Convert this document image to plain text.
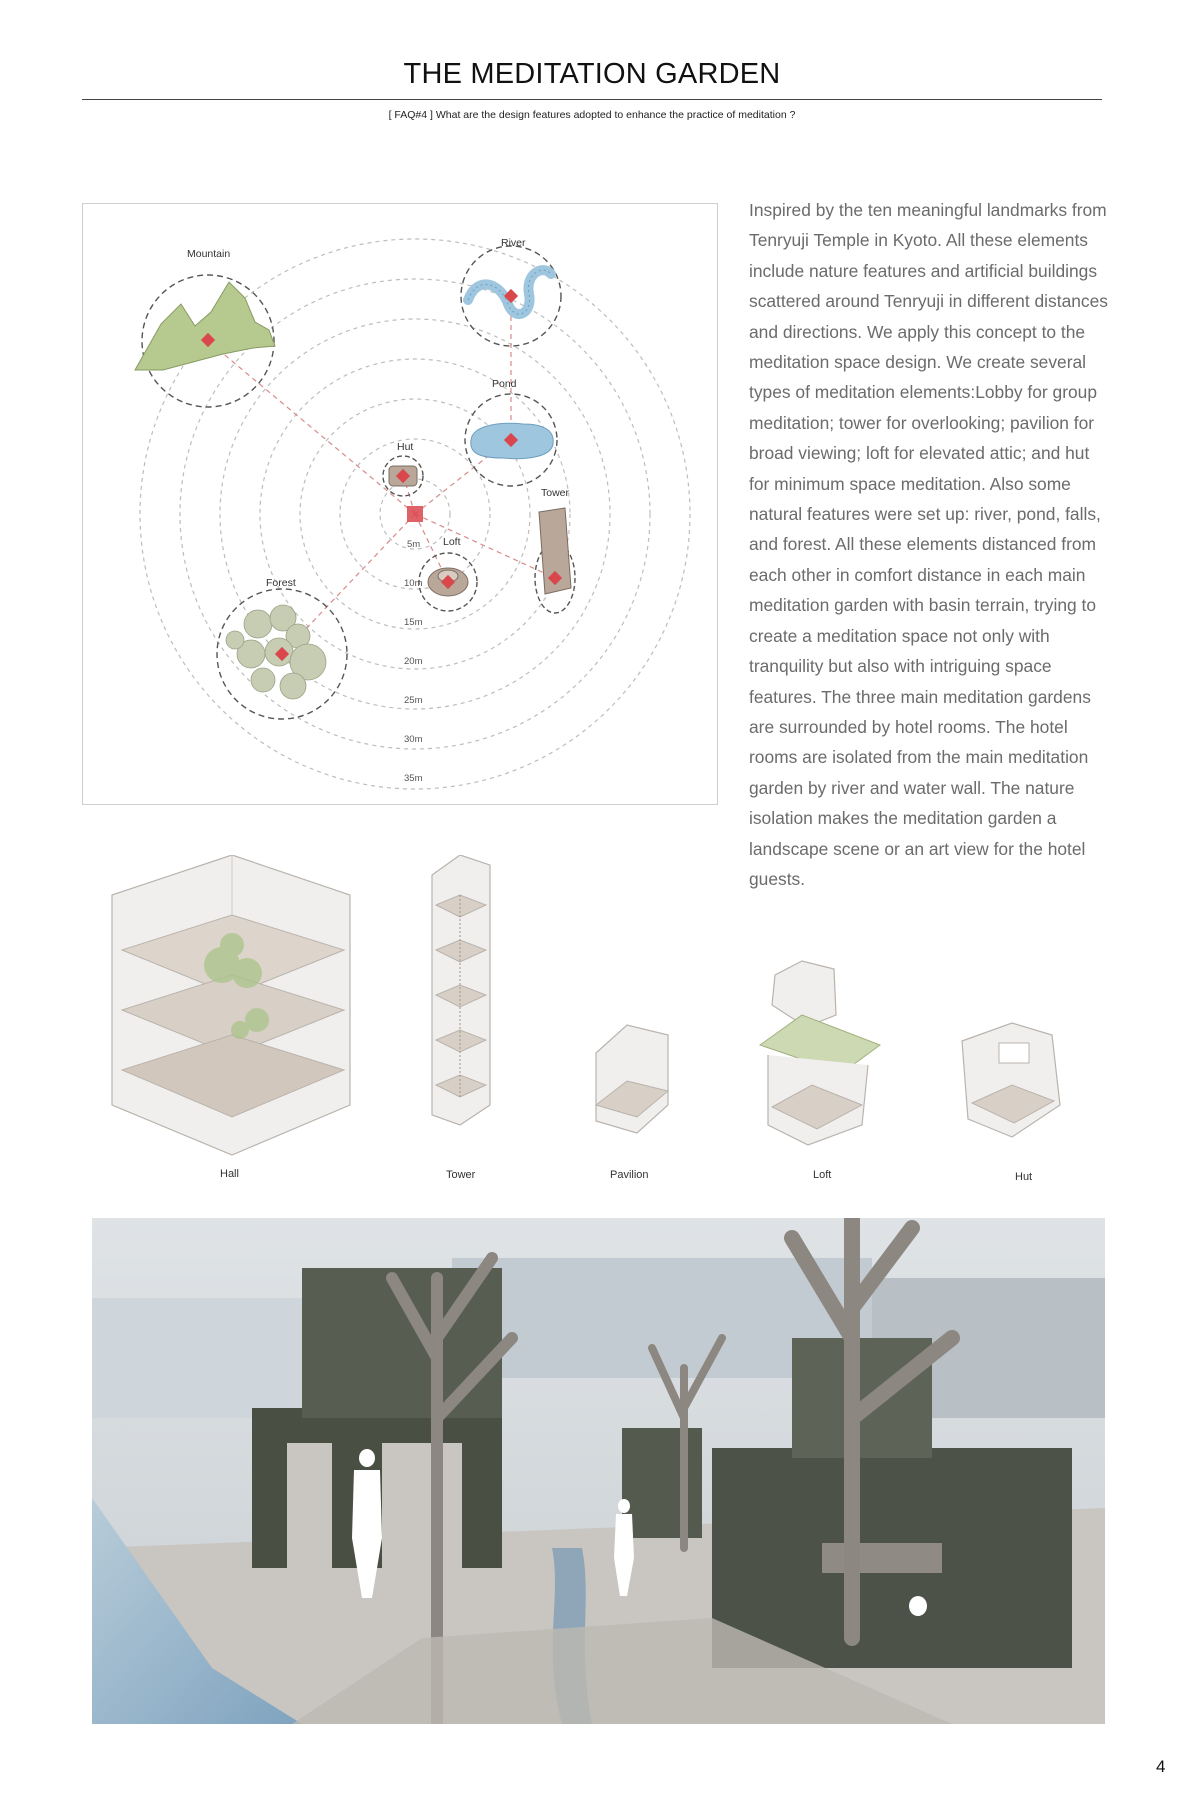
THE MEDITATION GARDEN
[ FAQ#4 ] What are the design features adopted to enhance the practice of meditation ?
Mountain
River
Pond
Hut
Tower
Loft
Forest
5m
10m
15m
20m
25m
30m
35m
Inspired by the ten meaningful landmarks from Tenryuji Temple in Kyoto. All these elements include nature features and artificial buildings scattered around Tenryuji in different distances and directions. We apply this concept to the meditation space design. We create several types of meditation elements:Lobby for group meditation; tower for overlooking; pavilion for broad viewing; loft for elevated attic; and hut for minimum space meditation. Also some natural features were set up: river, pond, falls, and forest. All these elements distanced from each other in comfort distance in each main meditation garden with basin terrain, trying to create a meditation space not only with tranquility but also with intriguing space features. The three main meditation gardens are surrounded by hotel rooms. The hotel rooms are isolated from the main meditation garden by river and water wall. The nature isolation makes the meditation garden a landscape scene or an art view for the hotel guests.
Hall	Tower	Pavilion	Loft	Hut
4
